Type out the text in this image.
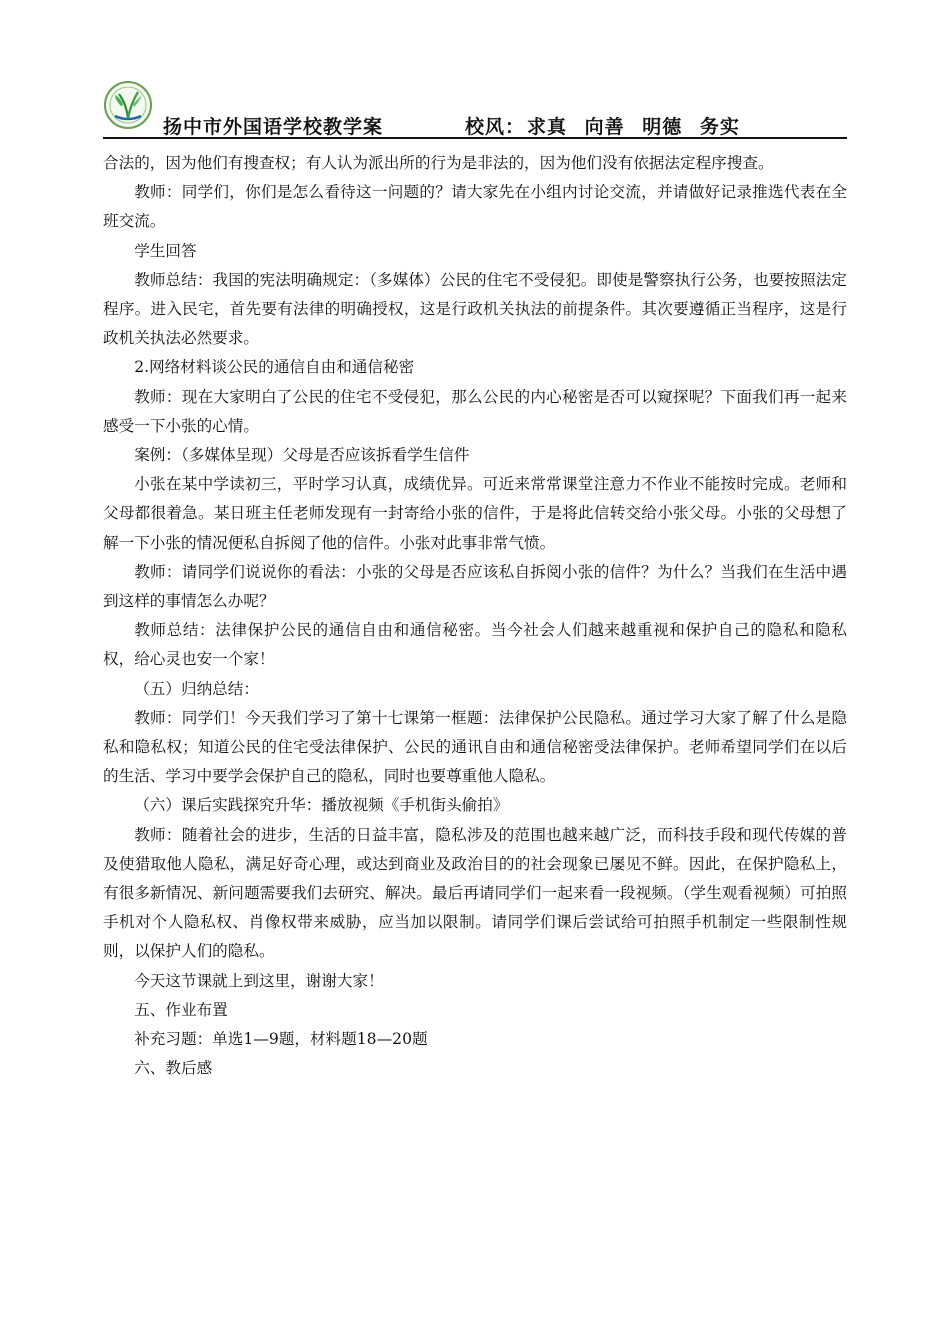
扬中市外国语学校教学案	校风： 求真 向善 明德 务实

合法的，因为他们有搜查权；有人认为派出所的行为是非法的，因为他们没有依据法定程序搜查。

教师：同学们，你们是怎么看待这一问题的？请大家先在小组内讨论交流，并请做好记录推选代表在全班交流。

学生回答

教师总结：我国的宪法明确规定：（多媒体）公民的住宅不受侵犯。即使是警察执行公务，也要按照法定程序。进入民宅，首先要有法律的明确授权，这是行政机关执法的前提条件。其次要遵循正当程序，这是行政机关执法必然要求。

2.网络材料谈公民的通信自由和通信秘密

教师：现在大家明白了公民的住宅不受侵犯，那么公民的内心秘密是否可以窥探呢？下面我们再一起来感受一下小张的心情。

案例：（多媒体呈现）父母是否应该拆看学生信件

小张在某中学读初三，平时学习认真，成绩优异。可近来常常课堂注意力不作业不能按时完成。老师和父母都很着急。某日班主任老师发现有一封寄给小张的信件，于是将此信转交给小张父母。小张的父母想了解一下小张的情况便私自拆阅了他的信件。小张对此事非常气愤。

教师：请同学们说说你的看法：小张的父母是否应该私自拆阅小张的信件？为什么？当我们在生活中遇到这样的事情怎么办呢？

教师总结：法律保护公民的通信自由和通信秘密。当今社会人们越来越重视和保护自己的隐私和隐私权，给心灵也安一个家！

（五）归纳总结：

教师：同学们！今天我们学习了第十七课第一框题：法律保护公民隐私。通过学习大家了解了什么是隐私和隐私权；知道公民的住宅受法律保护、公民的通讯自由和通信秘密受法律保护。老师希望同学们在以后的生活、学习中要学会保护自己的隐私，同时也要尊重他人隐私。

（六）课后实践探究升华：播放视频《手机街头偷拍》

教师：随着社会的进步，生活的日益丰富，隐私涉及的范围也越来越广泛，而科技手段和现代传媒的普及使猎取他人隐私，满足好奇心理，或达到商业及政治目的的社会现象已屡见不鲜。因此，在保护隐私上，有很多新情况、新问题需要我们去研究、解决。最后再请同学们一起来看一段视频。（学生观看视频）可拍照手机对个人隐私权、肖像权带来威胁，应当加以限制。请同学们课后尝试给可拍照手机制定一些限制性规则，以保护人们的隐私。

今天这节课就上到这里，谢谢大家！

五、作业布置

补充习题：单选1—9题，材料题18—20题

六、教后感
